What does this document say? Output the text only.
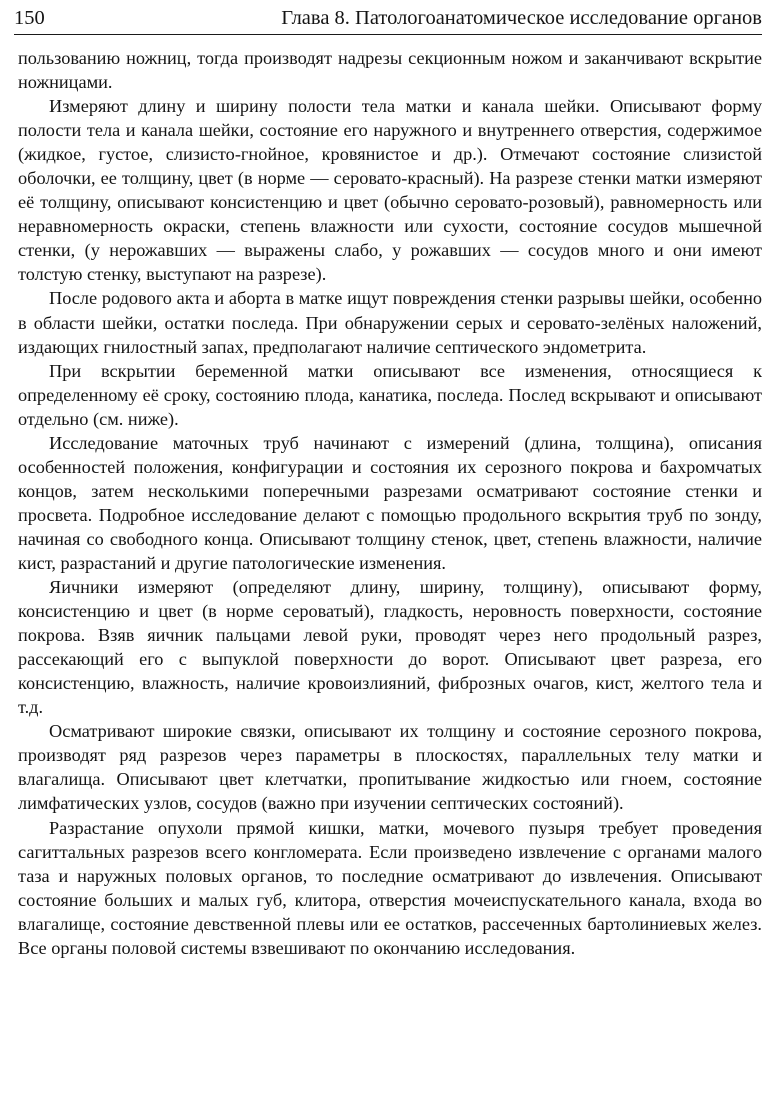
150	Глава 8. Патологоанатомическое исследование органов

пользованию ножниц, тогда производят надрезы секционным ножом и заканчивают вскрытие ножницами.

Измеряют длину и ширину полости тела матки и канала шейки. Описывают форму полости тела и канала шейки, состояние его наружного и внутреннего отверстия, содержимое (жидкое, густое, слизисто-гнойное, кровянистое и др.). Отмечают состояние слизистой оболочки, ее толщину, цвет (в норме — серовато-красный). На разрезе стенки матки измеряют её толщину, описывают консистенцию и цвет (обычно серовато-розовый), равномерность или неравномерность окраски, степень влажности или сухости, состояние сосудов мышечной стенки, (у нерожавших — выражены слабо, у рожавших — сосудов много и они имеют толстую стенку, выступают на разрезе).

После родового акта и аборта в матке ищут повреждения стенки разрывы шейки, особенно в области шейки, остатки последа. При обнаружении серых и серовато-зелёных наложений, издающих гнилостный запах, предполагают наличие септического эндометрита.

При вскрытии беременной матки описывают все изменения, относящиеся к определенному её сроку, состоянию плода, канатика, последа. Послед вскрывают и описывают отдельно (см. ниже).

Исследование маточных труб начинают с измерений (длина, толщина), описания особенностей положения, конфигурации и состояния их серозного покрова и бахромчатых концов, затем несколькими поперечными разрезами осматривают состояние стенки и просвета. Подробное исследование делают с помощью продольного вскрытия труб по зонду, начиная со свободного конца. Описывают толщину стенок, цвет, степень влажности, наличие кист, разрастаний и другие патологические изменения.

Яичники измеряют (определяют длину, ширину, толщину), описывают форму, консистенцию и цвет (в норме сероватый), гладкость, неровность поверхности, состояние покрова. Взяв яичник пальцами левой руки, проводят через него продольный разрез, рассекающий его с выпуклой поверхности до ворот. Описывают цвет разреза, его консистенцию, влажность, наличие кровоизлияний, фиброзных очагов, кист, желтого тела и т.д.

Осматривают широкие связки, описывают их толщину и состояние серозного покрова, производят ряд разрезов через параметры в плоскостях, параллельных телу матки и влагалища. Описывают цвет клетчатки, пропитывание жидкостью или гноем, состояние лимфатических узлов, сосудов (важно при изучении септических состояний).

Разрастание опухоли прямой кишки, матки, мочевого пузыря требует проведения сагиттальных разрезов всего конгломерата. Если произведено извлечение с органами малого таза и наружных половых органов, то последние осматривают до извлечения. Описывают состояние больших и малых губ, клитора, отверстия мочеиспускательного канала, входа во влагалище, состояние девственной плевы или ее остатков, рассеченных бартолиниевых желез. Все органы половой системы взвешивают по окончанию исследования.
